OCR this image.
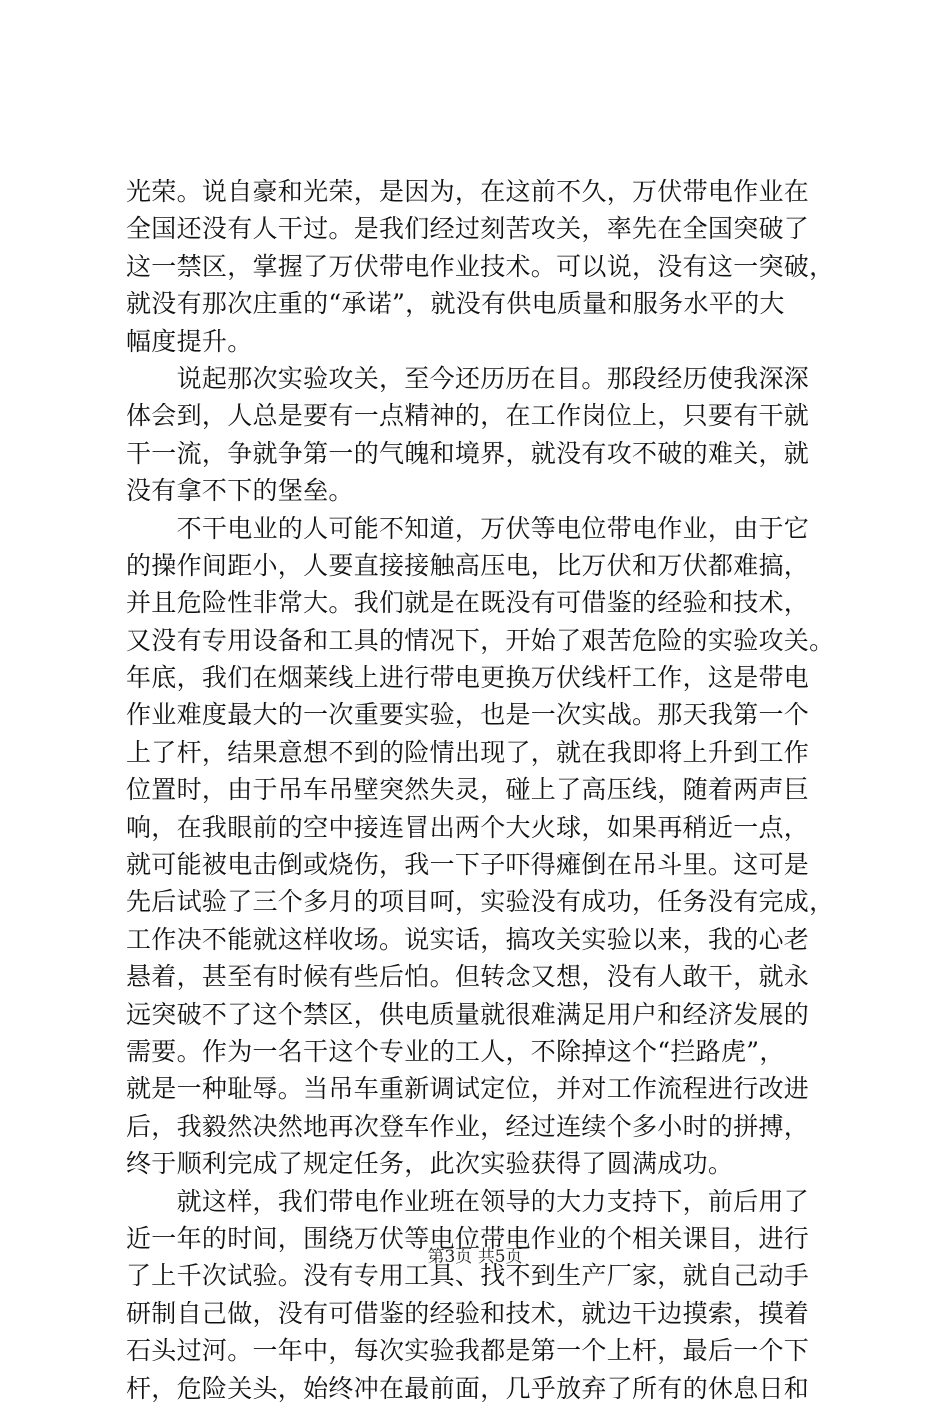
光荣。说自豪和光荣，是因为，在这前不久，万伏带电作业在
全国还没有人干过。是我们经过刻苦攻关，率先在全国突破了
这一禁区，掌握了万伏带电作业技术。可以说，没有这一突破，
就没有那次庄重的“承诺”，就没有供电质量和服务水平的大
幅度提升。
　　说起那次实验攻关，至今还历历在目。那段经历使我深深
体会到，人总是要有一点精神的，在工作岗位上，只要有干就
干一流，争就争第一的气魄和境界，就没有攻不破的难关，就
没有拿不下的堡垒。
　　不干电业的人可能不知道，万伏等电位带电作业，由于它
的操作间距小，人要直接接触高压电，比万伏和万伏都难搞，
并且危险性非常大。我们就是在既没有可借鉴的经验和技术，
又没有专用设备和工具的情况下，开始了艰苦危险的实验攻关。
年底，我们在烟莱线上进行带电更换万伏线杆工作，这是带电
作业难度最大的一次重要实验，也是一次实战。那天我第一个
上了杆，结果意想不到的险情出现了，就在我即将上升到工作
位置时，由于吊车吊壁突然失灵，碰上了高压线，随着两声巨
响，在我眼前的空中接连冒出两个大火球，如果再稍近一点，
就可能被电击倒或烧伤，我一下子吓得瘫倒在吊斗里。这可是
先后试验了三个多月的项目呵，实验没有成功，任务没有完成，
工作决不能就这样收场。说实话，搞攻关实验以来，我的心老
悬着，甚至有时候有些后怕。但转念又想，没有人敢干，就永
远突破不了这个禁区，供电质量就很难满足用户和经济发展的
需要。作为一名干这个专业的工人，不除掉这个“拦路虎”，
就是一种耻辱。当吊车重新调试定位，并对工作流程进行改进
后，我毅然决然地再次登车作业，经过连续个多小时的拼搏，
终于顺利完成了规定任务，此次实验获得了圆满成功。
　　就这样，我们带电作业班在领导的大力支持下，前后用了
近一年的时间，围绕万伏等电位带电作业的个相关课目，进行
了上千次试验。没有专用工具、找不到生产厂家，就自己动手
研制自己做，没有可借鉴的经验和技术，就边干边摸索，摸着
石头过河。一年中，每次实验我都是第一个上杆，最后一个下
杆，危险关头，始终冲在最前面，几乎放弃了所有的休息日和
第3页 共5页
